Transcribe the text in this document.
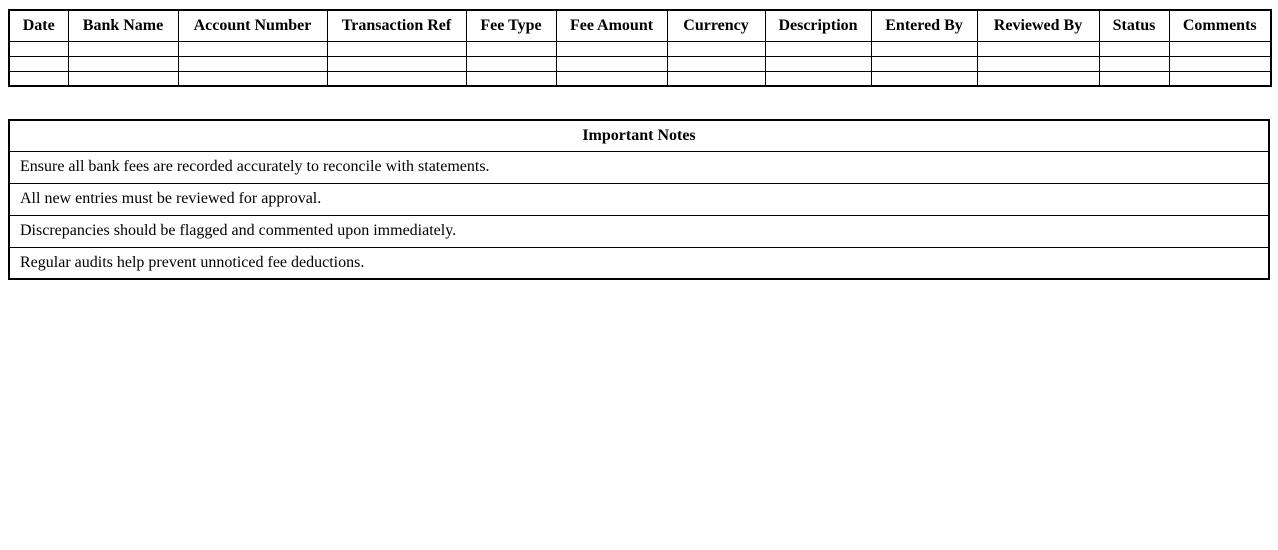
Date	Bank Name	Account Number	Transaction Ref	Fee Type	Fee Amount	Currency	Description	Entered By	Reviewed By	Status	Comments

Important Notes
Ensure all bank fees are recorded accurately to reconcile with statements.
All new entries must be reviewed for approval.
Discrepancies should be flagged and commented upon immediately.
Regular audits help prevent unnoticed fee deductions.
